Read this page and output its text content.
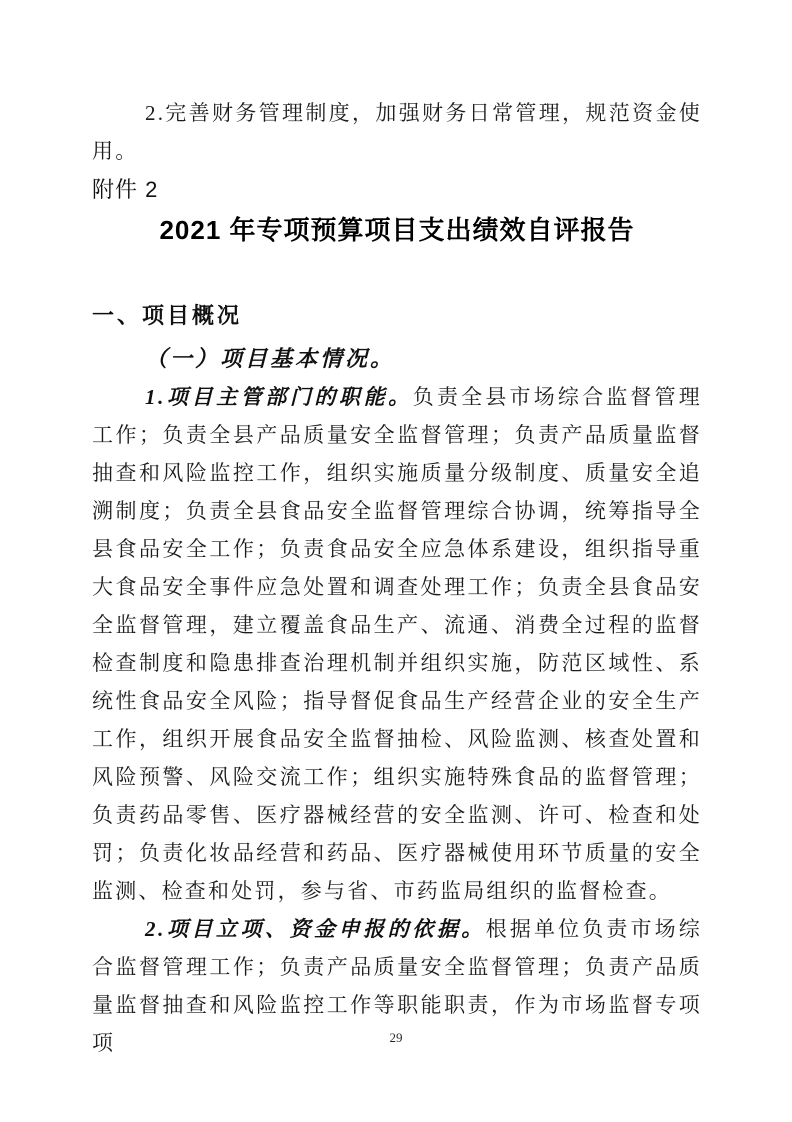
2.完善财务管理制度，加强财务日常管理，规范资金使用。

附件 2
2021 年专项预算项目支出绩效自评报告
一、项目概况
（一）项目基本情况。

1.项目主管部门的职能。负责全县市场综合监督管理工作；负责全县产品质量安全监督管理；负责产品质量监督抽查和风险监控工作，组织实施质量分级制度、质量安全追溯制度；负责全县食品安全监督管理综合协调，统筹指导全县食品安全工作；负责食品安全应急体系建设，组织指导重大食品安全事件应急处置和调查处理工作；负责全县食品安全监督管理，建立覆盖食品生产、流通、消费全过程的监督检查制度和隐患排查治理机制并组织实施，防范区域性、系统性食品安全风险；指导督促食品生产经营企业的安全生产工作，组织开展食品安全监督抽检、风险监测、核查处置和风险预警、风险交流工作；组织实施特殊食品的监督管理；负责药品零售、医疗器械经营的安全监测、许可、检查和处罚；负责化妆品经营和药品、医疗器械使用环节质量的安全监测、检查和处罚，参与省、市药监局组织的监督检查。

2.项目立项、资金申报的依据。根据单位负责市场综合监督管理工作；负责产品质量安全监督管理；负责产品质量监督抽查和风险监控工作等职能职责，作为市场监督专项项	29
